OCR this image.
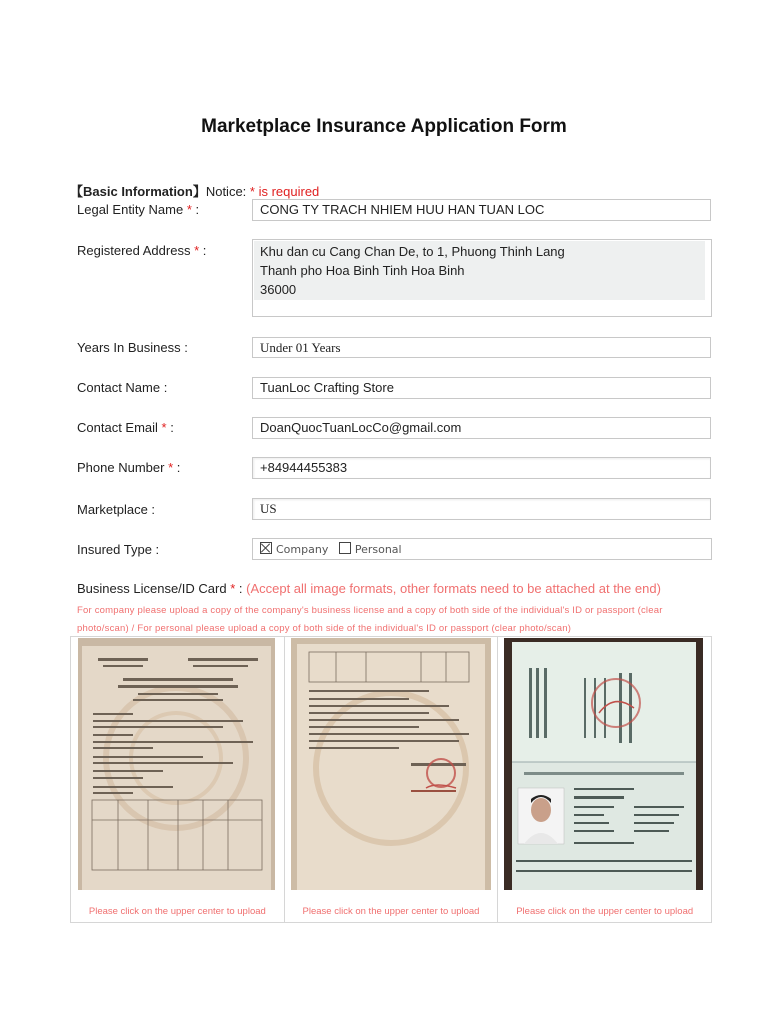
Marketplace Insurance Application Form
【Basic Information】Notice: * is required
Legal Entity Name * :	CONG TY TRACH NHIEM HUU HAN TUAN LOC
Registered Address * :	Khu dan cu Cang Chan De, to 1, Phuong Thinh Lang
Thanh pho Hoa Binh Tinh Hoa Binh
36000
Years In Business :	Under 01 Years
Contact Name :	TuanLoc Crafting Store
Contact Email * :	DoanQuocTuanLocCo@gmail.com
Phone Number * :	+84944455383
Marketplace :	US
Insured Type :	Company Personal
Business License/ID Card * : (Accept all image formats, other formats need to be attached at the end)
For company please upload a copy of the company's business license and a copy of both side of the individual's ID or passport (clear photo/scan) / For personal please upload a copy of both side of the individual's ID or passport (clear photo/scan)
Please click on the upper center to upload	Please click on the upper center to upload	Please click on the upper center to upload
